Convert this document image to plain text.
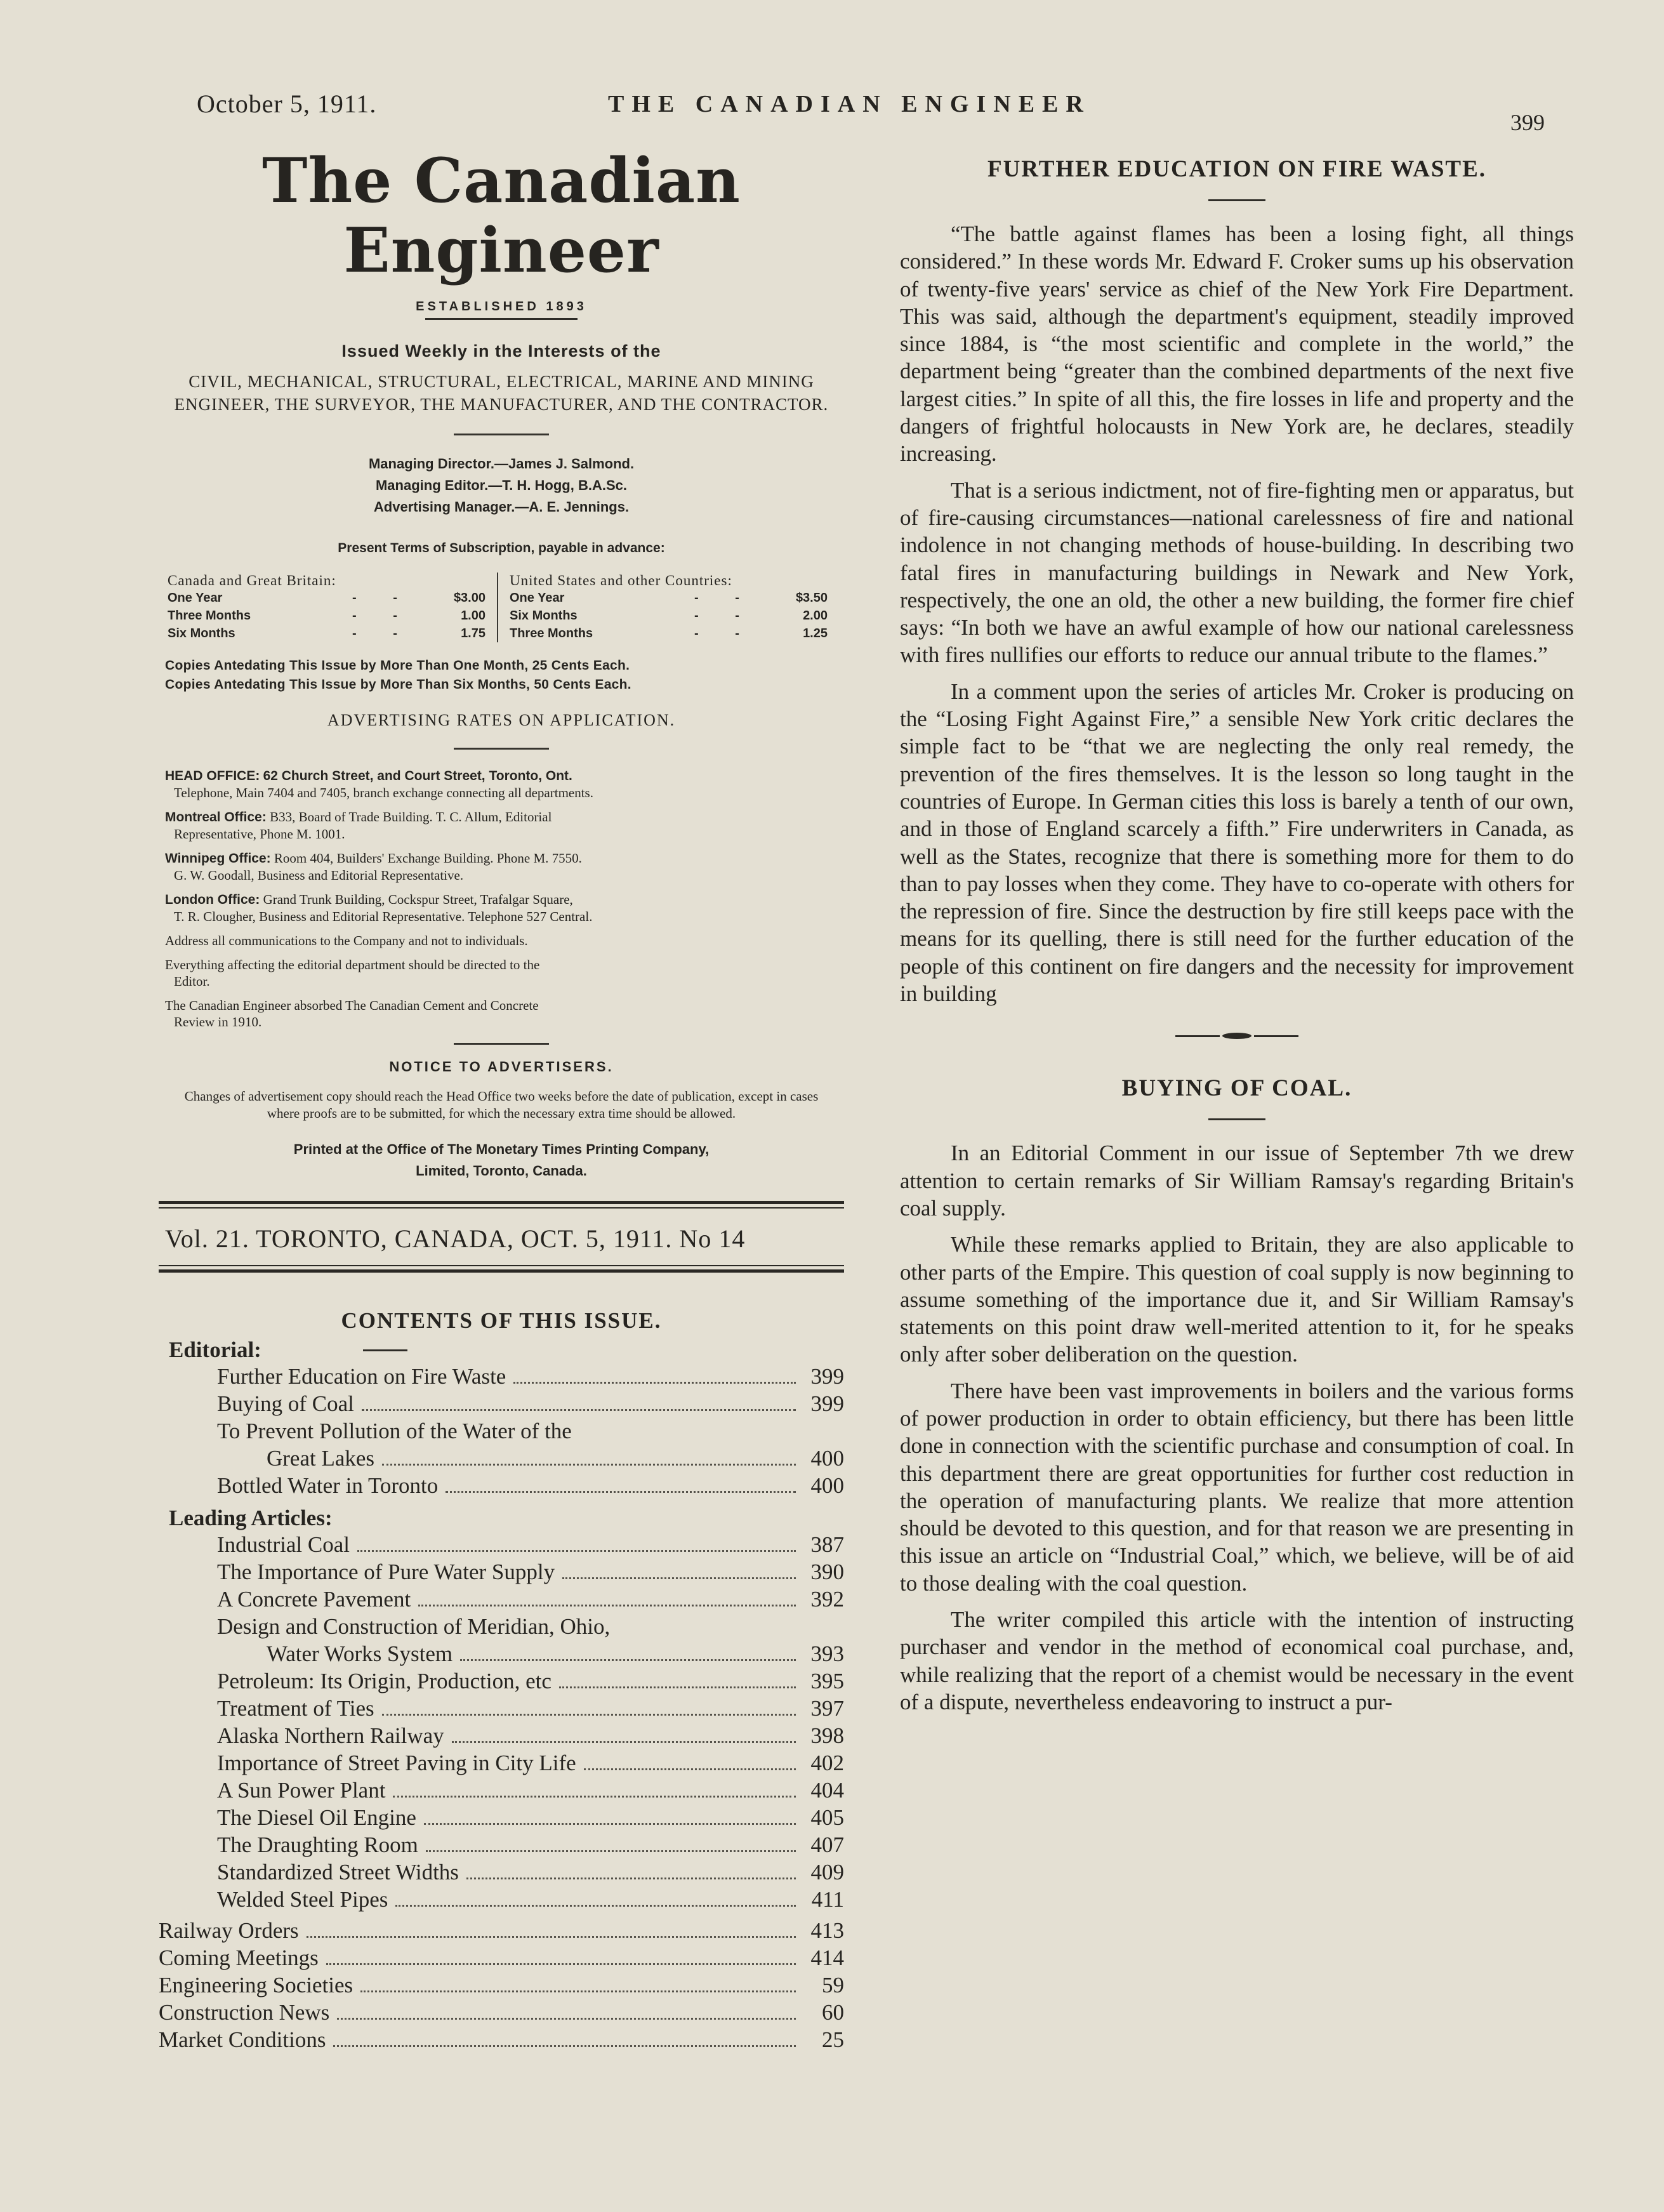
October 5, 1911.	THE CANADIAN ENGINEER
399
The Canadian Engineer
ESTABLISHED 1893
Issued Weekly in the Interests of the
CIVIL, MECHANICAL, STRUCTURAL, ELECTRICAL, MARINE AND MINING ENGINEER, THE SURVEYOR, THE MANUFACTURER, AND THE CONTRACTOR.
Managing Director.—James J. Salmond.
Managing Editor.—T. H. Hogg, B.A.Sc.
Advertising Manager.—A. E. Jennings.
Present Terms of Subscription, payable in advance:
Canada and Great Britain:
One Year	- -	$3.00
Three Months	- -	1.00
Six Months	- -	1.75
United States and other Countries:
One Year	- -	$3.50
Six Months	- -	2.00
Three Months	- -	1.25
Copies Antedating This Issue by More Than One Month, 25 Cents Each.
Copies Antedating This Issue by More Than Six Months, 50 Cents Each.
ADVERTISING RATES ON APPLICATION.
HEAD OFFICE: 62 Church Street, and Court Street, Toronto, Ont.
Telephone, Main 7404 and 7405, branch exchange connecting all departments.
Montreal Office: B33, Board of Trade Building. T. C. Allum, Editorial
Representative, Phone M. 1001.
Winnipeg Office: Room 404, Builders' Exchange Building. Phone M. 7550.
G. W. Goodall, Business and Editorial Representative.
London Office: Grand Trunk Building, Cockspur Street, Trafalgar Square,
T. R. Clougher, Business and Editorial Representative. Telephone 527 Central.
Address all communications to the Company and not to individuals.
Everything affecting the editorial department should be directed to the
Editor.
The Canadian Engineer absorbed The Canadian Cement and Concrete
Review in 1910.
NOTICE TO ADVERTISERS.
Changes of advertisement copy should reach the Head Office two weeks before the date of publication, except in cases where proofs are to be submitted, for which the necessary extra time should be allowed.
Printed at the Office of The Monetary Times Printing Company,
Limited, Toronto, Canada.
Vol. 21. TORONTO, CANADA, OCT. 5, 1911. No 14
CONTENTS OF THIS ISSUE.
Editorial:
Further Education on Fire Waste	399
Buying of Coal	399
To Prevent Pollution of the Water of the
Great Lakes	400
Bottled Water in Toronto	400
Leading Articles:
Industrial Coal	387
The Importance of Pure Water Supply	390
A Concrete Pavement	392
Design and Construction of Meridian, Ohio,
Water Works System	393
Petroleum: Its Origin, Production, etc	395
Treatment of Ties	397
Alaska Northern Railway	398
Importance of Street Paving in City Life	402
A Sun Power Plant	404
The Diesel Oil Engine	405
The Draughting Room	407
Standardized Street Widths	409
Welded Steel Pipes	411
Railway Orders	413
Coming Meetings	414
Engineering Societies	59
Construction News	60
Market Conditions	25
FURTHER EDUCATION ON FIRE WASTE.

“The battle against flames has been a losing fight, all things considered.” In these words Mr. Edward F. Croker sums up his observation of twenty-five years' service as chief of the New York Fire Department. This was said, although the department's equipment, steadily improved since 1884, is “the most scientific and complete in the world,” the department being “greater than the combined departments of the next five largest cities.” In spite of all this, the fire losses in life and property and the dangers of frightful holocausts in New York are, he declares, steadily increasing.

That is a serious indictment, not of fire-fighting men or apparatus, but of fire-causing circumstances—national carelessness of fire and national indolence in not changing methods of house-building. In describing two fatal fires in manufacturing buildings in Newark and New York, respectively, the one an old, the other a new building, the former fire chief says: “In both we have an awful example of how our national carelessness with fires nullifies our efforts to reduce our annual tribute to the flames.”

In a comment upon the series of articles Mr. Croker is producing on the “Losing Fight Against Fire,” a sensible New York critic declares the simple fact to be “that we are neglecting the only real remedy, the prevention of the fires themselves. It is the lesson so long taught in the countries of Europe. In German cities this loss is barely a tenth of our own, and in those of England scarcely a fifth.” Fire underwriters in Canada, as well as the States, recognize that there is something more for them to do than to pay losses when they come. They have to co-operate with others for the repression of fire. Since the destruction by fire still keeps pace with the means for its quelling, there is still need for the further education of the people of this continent on fire dangers and the necessity for improvement in building

BUYING OF COAL.

In an Editorial Comment in our issue of September 7th we drew attention to certain remarks of Sir William Ramsay's regarding Britain's coal supply.

While these remarks applied to Britain, they are also applicable to other parts of the Empire. This question of coal supply is now beginning to assume something of the importance due it, and Sir William Ramsay's statements on this point draw well-merited attention to it, for he speaks only after sober deliberation on the question.

There have been vast improvements in boilers and the various forms of power production in order to obtain efficiency, but there has been little done in connection with the scientific purchase and consumption of coal. In this department there are great opportunities for further cost reduction in the operation of manufacturing plants. We realize that more attention should be devoted to this question, and for that reason we are presenting in this issue an article on “Industrial Coal,” which, we believe, will be of aid to those dealing with the coal question.

The writer compiled this article with the intention of instructing purchaser and vendor in the method of economical coal purchase, and, while realizing that the report of a chemist would be necessary in the event of a dispute, nevertheless endeavoring to instruct a pur-
